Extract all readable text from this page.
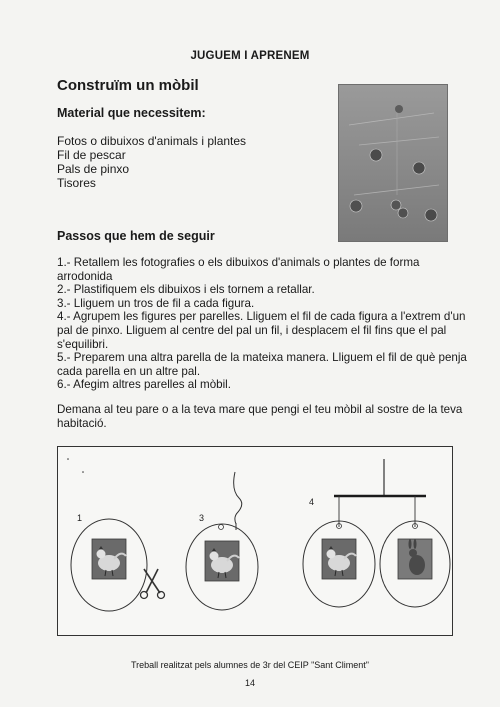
JUGUEM I APRENEM
Construïm un mòbil
Material que necessitem:
Fotos o dibuixos d'animals i plantes
Fil de pescar
Pals de pinxo
Tisores
Passos que hem de seguir

1.- Retallem les fotografies o els dibuixos d'animals o plantes de forma arrodonida

2.- Plastifiquem els dibuixos i els tornem a retallar.

3.- Lliguem un tros de fil a cada figura.

4.- Agrupem les figures per parelles. Lliguem el fil de cada figura a l'extrem d'un pal de pinxo. Lliguem al centre del pal un fil, i desplacem el fil fins que el pal s'equilibri.

5.- Preparem una altra parella de la mateixa manera. Lliguem el fil de què penja cada parella en un altre pal.

6.- Afegim altres parelles al mòbil.

Demana al teu pare o a la teva mare que pengi el teu mòbil al sostre de la teva habitació.
1	3
4
Treball realitzat pels alumnes de 3r del CEIP "Sant Climent"
14
